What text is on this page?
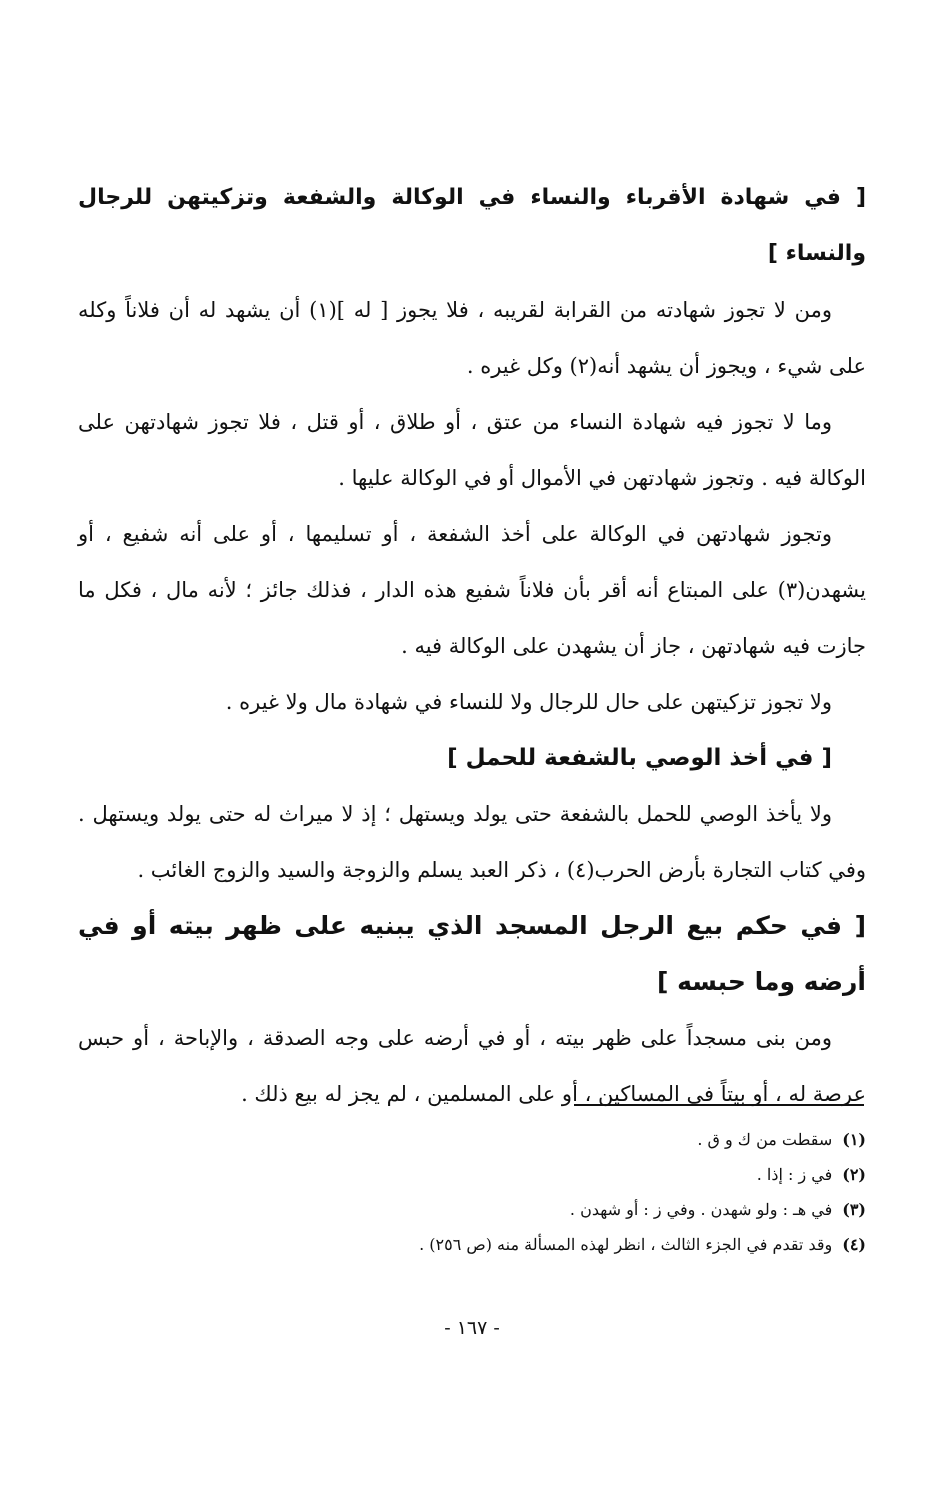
[ في شهادة الأقرباء والنساء في الوكالة والشفعة وتزكيتهن للرجال والنساء ]

ومن لا تجوز شهادته من القرابة لقريبه ، فلا يجوز [ له ](١) أن يشهد له أن فلاناً وكله على شيء ، ويجوز أن يشهد أنه(٢) وكل غيره .

وما لا تجوز فيه شهادة النساء من عتق ، أو طلاق ، أو قتل ، فلا تجوز شهادتهن على الوكالة فيه . وتجوز شهادتهن في الأموال أو في الوكالة عليها .

وتجوز شهادتهن في الوكالة على أخذ الشفعة ، أو تسليمها ، أو على أنه شفيع ، أو يشهدن(٣) على المبتاع أنه أقر بأن فلاناً شفيع هذه الدار ، فذلك جائز ؛ لأنه مال ، فكل ما جازت فيه شهادتهن ، جاز أن يشهدن على الوكالة فيه .

ولا تجوز تزكيتهن على حال للرجال ولا للنساء في شهادة مال ولا غيره .

[ في أخذ الوصي بالشفعة للحمل ]

ولا يأخذ الوصي للحمل بالشفعة حتى يولد ويستهل ؛ إذ لا ميراث له حتى يولد ويستهل . وفي كتاب التجارة بأرض الحرب(٤) ، ذكر العبد يسلم والزوجة والسيد والزوج الغائب .

[ في حكم بيع الرجل المسجد الذي يبنيه على ظهر بيته أو في أرضه وما حبسه ]

ومن بنى مسجداً على ظهر بيته ، أو في أرضه على وجه الصدقة ، والإباحة ، أو حبس عرصة له ، أو بيتاً في المساكين ، أو على المسلمين ، لم يجز له بيع ذلك .

(١)سقطت من ك و ق .

(٢)في ز : إذا .

(٣)في هـ : ولو شهدن . وفي ز : أو شهدن .

(٤)وقد تقدم في الجزء الثالث ، انظر لهذه المسألة منه (ص ٢٥٦) .

- ١٦٧ -
